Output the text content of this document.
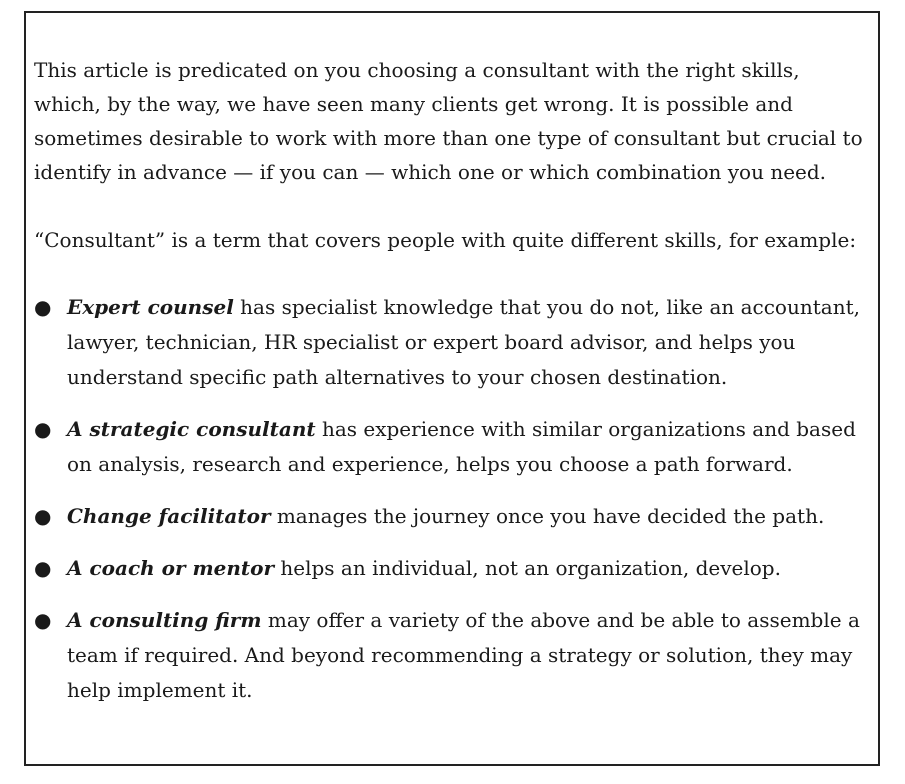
This article is predicated on you choosing a consultant with the right skills, which, by the way, we have seen many clients get wrong. It is possible and sometimes desirable to work with more than one type of consultant but crucial to identify in advance — if you can — which one or which combination you need.

“Consultant” is a term that covers people with quite different skills, for example:

● Expert counsel has specialist knowledge that you do not, like an accountant, lawyer, technician, HR specialist or expert board advisor, and helps you understand specific path alternatives to your chosen destination.
● A strategic consultant has experience with similar organizations and based on analysis, research and experience, helps you choose a path forward.
● Change facilitator manages the journey once you have decided the path.
● A coach or mentor helps an individual, not an organization, develop.
● A consulting firm may offer a variety of the above and be able to assemble a team if required. And beyond recommending a strategy or solution, they may help implement it.
